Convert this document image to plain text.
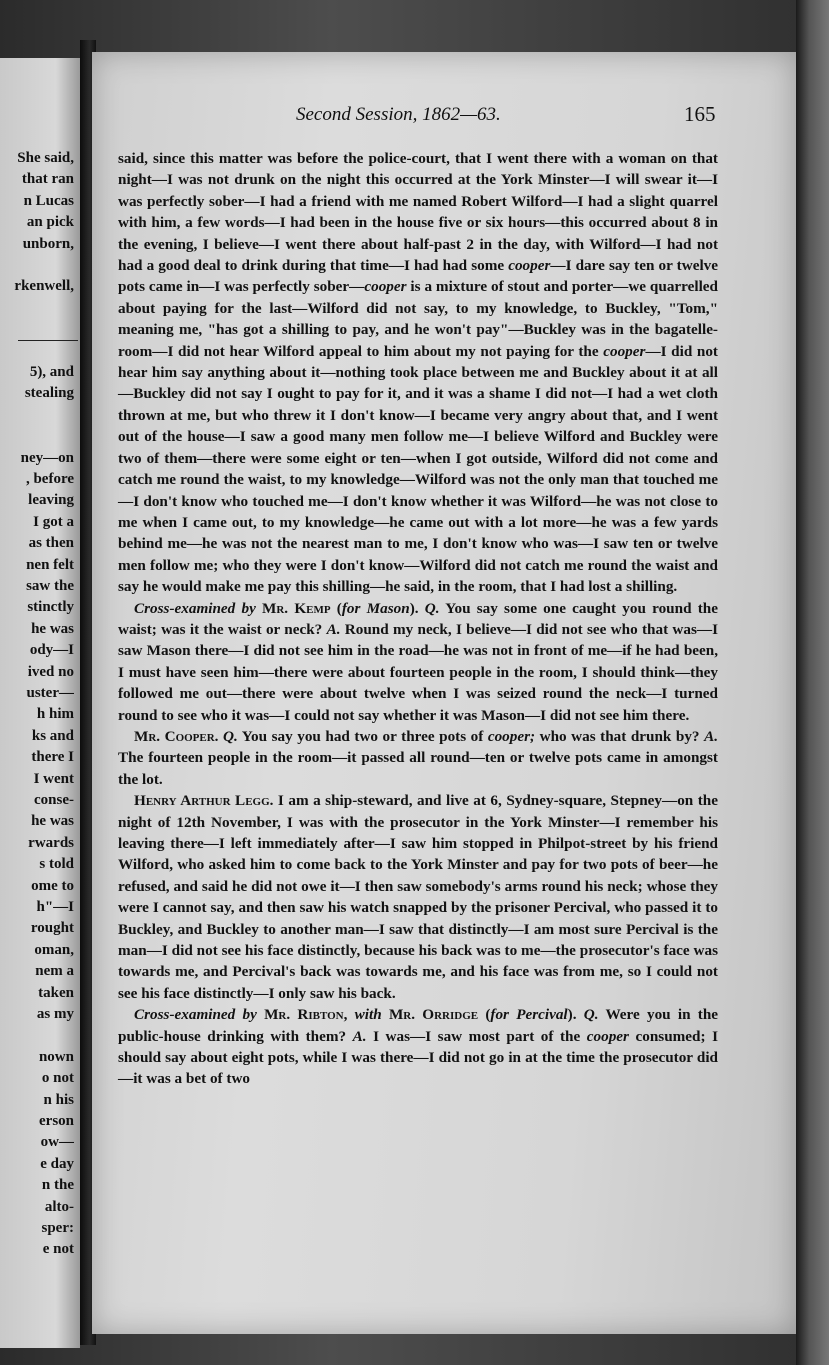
She said,
that ran
n Lucas
an pick
unborn,
rkenwell,
5), and
stealing
ney—on
, before
leaving
I got a
as then
nen felt
saw the
stinctly
he was
ody—I
ived no
uster—
h him
ks and
there I
I went
conse-
he was
rwards
s told
ome to
h"—I
rought
oman,
nem a
taken
as my
nown
o not
n his
erson
ow—
e day
n the
alto-
sper:
e not
Second Session, 1862—63.	165

said, since this matter was before the police-court, that I went there with a woman on that night—I was not drunk on the night this occurred at the York Minster—I will swear it—I was perfectly sober—I had a friend with me named Robert Wilford—I had a slight quarrel with him, a few words—I had been in the house five or six hours—this occurred about 8 in the evening, I believe—I went there about half-past 2 in the day, with Wilford—I had not had a good deal to drink during that time—I had had some cooper—I dare say ten or twelve pots came in—I was perfectly sober—cooper is a mixture of stout and porter—we quarrelled about paying for the last—Wilford did not say, to my knowledge, to Buckley, "Tom," meaning me, "has got a shilling to pay, and he won't pay"—Buckley was in the bagatelle-room—I did not hear Wilford appeal to him about my not paying for the cooper—I did not hear him say anything about it—nothing took place between me and Buckley about it at all—Buckley did not say I ought to pay for it, and it was a shame I did not—I had a wet cloth thrown at me, but who threw it I don't know—I became very angry about that, and I went out of the house—I saw a good many men follow me—I believe Wilford and Buckley were two of them—there were some eight or ten—when I got outside, Wilford did not come and catch me round the waist, to my knowledge—Wilford was not the only man that touched me—I don't know who touched me—I don't know whether it was Wilford—he was not close to me when I came out, to my knowledge—he came out with a lot more—he was a few yards behind me—he was not the nearest man to me, I don't know who was—I saw ten or twelve men follow me; who they were I don't know—Wilford did not catch me round the waist and say he would make me pay this shilling—he said, in the room, that I had lost a shilling.

Cross-examined by Mr. Kemp (for Mason). Q. You say some one caught you round the waist; was it the waist or neck? A. Round my neck, I believe—I did not see who that was—I saw Mason there—I did not see him in the road—he was not in front of me—if he had been, I must have seen him—there were about fourteen people in the room, I should think—they followed me out—there were about twelve when I was seized round the neck—I turned round to see who it was—I could not say whether it was Mason—I did not see him there.

Mr. Cooper. Q. You say you had two or three pots of cooper; who was that drunk by? A. The fourteen people in the room—it passed all round—ten or twelve pots came in amongst the lot.

Henry Arthur Legg. I am a ship-steward, and live at 6, Sydney-square, Stepney—on the night of 12th November, I was with the prosecutor in the York Minster—I remember his leaving there—I left immediately after—I saw him stopped in Philpot-street by his friend Wilford, who asked him to come back to the York Minster and pay for two pots of beer—he refused, and said he did not owe it—I then saw somebody's arms round his neck; whose they were I cannot say, and then saw his watch snapped by the prisoner Percival, who passed it to Buckley, and Buckley to another man—I saw that distinctly—I am most sure Percival is the man—I did not see his face distinctly, because his back was to me—the prosecutor's face was towards me, and Percival's back was towards me, and his face was from me, so I could not see his face distinctly—I only saw his back.

Cross-examined by Mr. Ribton, with Mr. Orridge (for Percival). Q. Were you in the public-house drinking with them? A. I was—I saw most part of the cooper consumed; I should say about eight pots, while I was there—I did not go in at the time the prosecutor did—it was a bet of two
